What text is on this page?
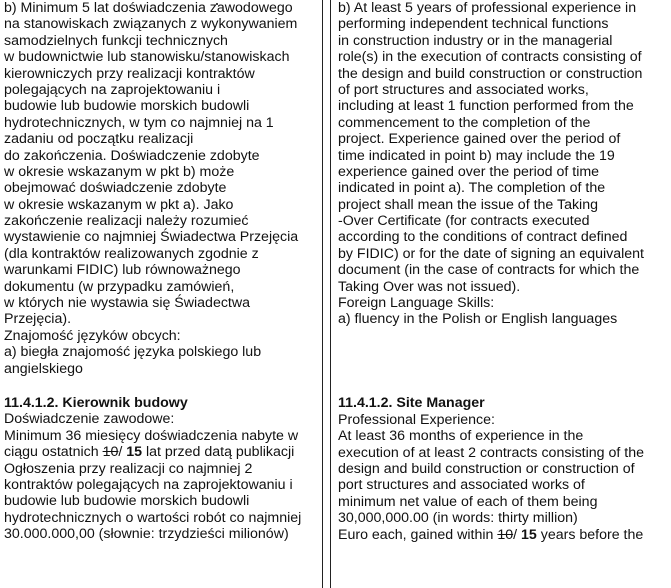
b) Minimum 5 lat doświadczenia zawodowego
na stanowiskach związanych z wykonywaniem
samodzielnych funkcji technicznych
w budownictwie lub stanowisku/stanowiskach
kierowniczych przy realizacji kontraktów
polegających na zaprojektowaniu i
budowie lub budowie morskich budowli
hydrotechnicznych, w tym co najmniej na 1
zadaniu od początku realizacji
do zakończenia. Doświadczenie zdobyte
w okresie wskazanym w pkt b) może
obejmować doświadczenie zdobyte
w okresie wskazanym w pkt a). Jako
zakończenie realizacji należy rozumieć
wystawienie co najmniej Świadectwa Przejęcia
(dla kontraktów realizowanych zgodnie z
warunkami FIDIC) lub równoważnego
dokumentu (w przypadku zamówień,
w których nie wystawia się Świadectwa
Przejęcia).
Znajomość języków obcych:
a) biegła znajomość języka polskiego lub
angielskiego
11.4.1.2. Kierownik budowy
Doświadczenie zawodowe:
Minimum 36 miesięcy doświadczenia nabyte w
ciągu ostatnich 10/ 15 lat przed datą publikacji
Ogłoszenia przy realizacji co najmniej 2
kontraktów polegających na zaprojektowaniu i
budowie lub budowie morskich budowli
hydrotechnicznych o wartości robót co najmniej
30.000.000,00 (słownie: trzydzieści milionów)
b) At least 5 years of professional experience in
performing independent technical functions
in construction industry or in the managerial
role(s) in the execution of contracts consisting of
the design and build construction or construction
of port structures and associated works,
including at least 1 function performed from the
commencement to the completion of the
project. Experience gained over the period of
time indicated in point b) may include the 19
experience gained over the period of time
indicated in point a). The completion of the
project shall mean the issue of the Taking
-Over Certificate (for contracts executed
according to the conditions of contract defined
by FIDIC) or for the date of signing an equivalent
document (in the case of contracts for which the
Taking Over was not issued).
Foreign Language Skills:
a) fluency in the Polish or English languages
11.4.1.2. Site Manager
Professional Experience:
At least 36 months of experience in the
execution of at least 2 contracts consisting of the
design and build construction or construction of
port structures and associated works of
minimum net value of each of them being
30,000,000.00 (in words: thirty million)
Euro each, gained within 10/ 15 years before the
